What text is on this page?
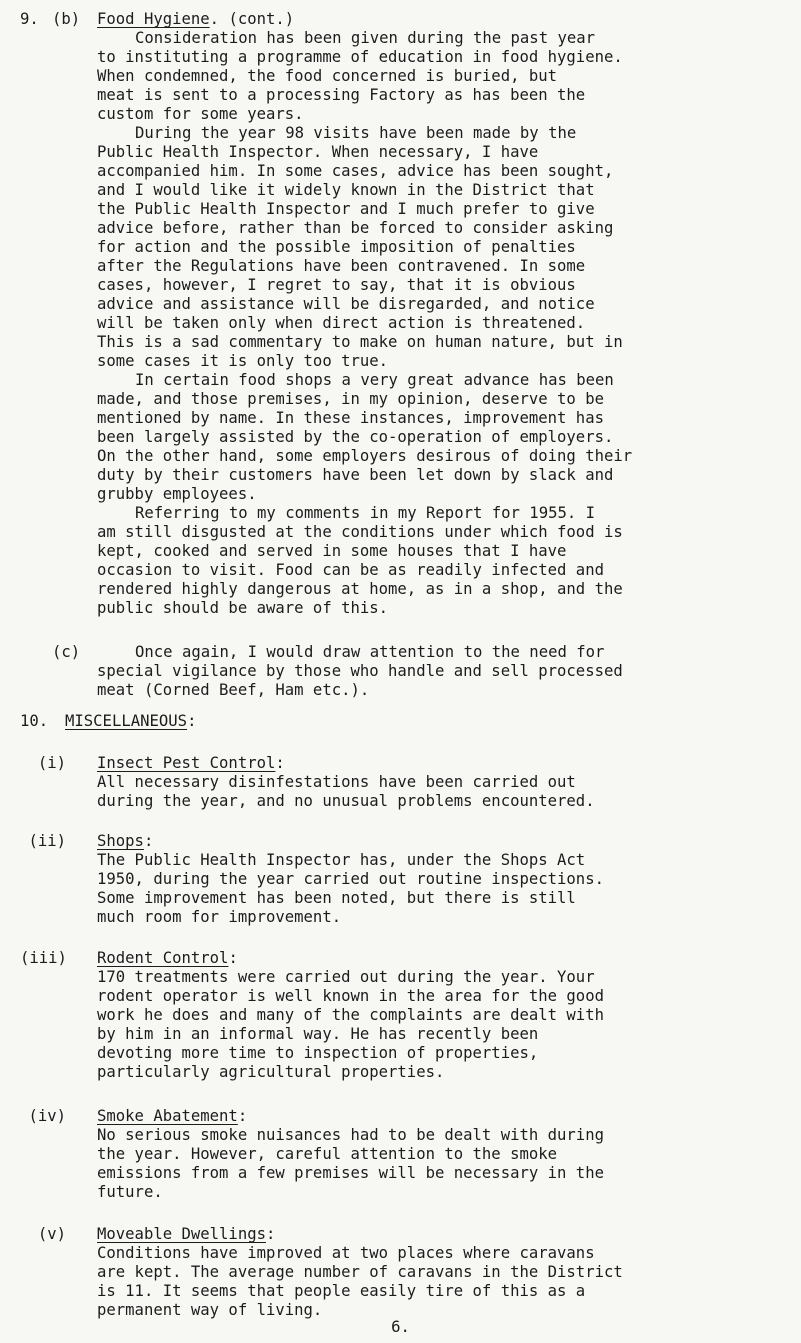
9. (b)	Food Hygiene. (cont.)
Consideration has been given during the past year
to instituting a programme of education in food hygiene.
When condemned, the food concerned is buried, but
meat is sent to a processing Factory as has been the
custom for some years.
During the year 98 visits have been made by the
Public Health Inspector. When necessary, I have
accompanied him. In some cases, advice has been sought,
and I would like it widely known in the District that
the Public Health Inspector and I much prefer to give
advice before, rather than be forced to consider asking
for action and the possible imposition of penalties
after the Regulations have been contravened. In some
cases, however, I regret to say, that it is obvious
advice and assistance will be disregarded, and notice
will be taken only when direct action is threatened.
This is a sad commentary to make on human nature, but in
some cases it is only too true.
In certain food shops a very great advance has been
made, and those premises, in my opinion, deserve to be
mentioned by name. In these instances, improvement has
been largely assisted by the co-operation of employers.
On the other hand, some employers desirous of doing their
duty by their customers have been let down by slack and
grubby employees.
Referring to my comments in my Report for 1955. I
am still disgusted at the conditions under which food is
kept, cooked and served in some houses that I have
occasion to visit. Food can be as readily infected and
rendered highly dangerous at home, as in a shop, and the
public should be aware of this.
(c)	Once again, I would draw attention to the need for
special vigilance by those who handle and sell processed
meat (Corned Beef, Ham etc.).
10.	MISCELLANEOUS:
(i)	Insect Pest Control:
All necessary disinfestations have been carried out
during the year, and no unusual problems encountered.
(ii)	Shops:
The Public Health Inspector has, under the Shops Act
1950, during the year carried out routine inspections.
Some improvement has been noted, but there is still
much room for improvement.
(iii)	Rodent Control:
170 treatments were carried out during the year. Your
rodent operator is well known in the area for the good
work he does and many of the complaints are dealt with
by him in an informal way. He has recently been
devoting more time to inspection of properties,
particularly agricultural properties.
(iv)	Smoke Abatement:
No serious smoke nuisances had to be dealt with during
the year. However, careful attention to the smoke
emissions from a few premises will be necessary in the
future.
(v)	Moveable Dwellings:
Conditions have improved at two places where caravans
are kept. The average number of caravans in the District
is 11. It seems that people easily tire of this as a
permanent way of living.
6.
